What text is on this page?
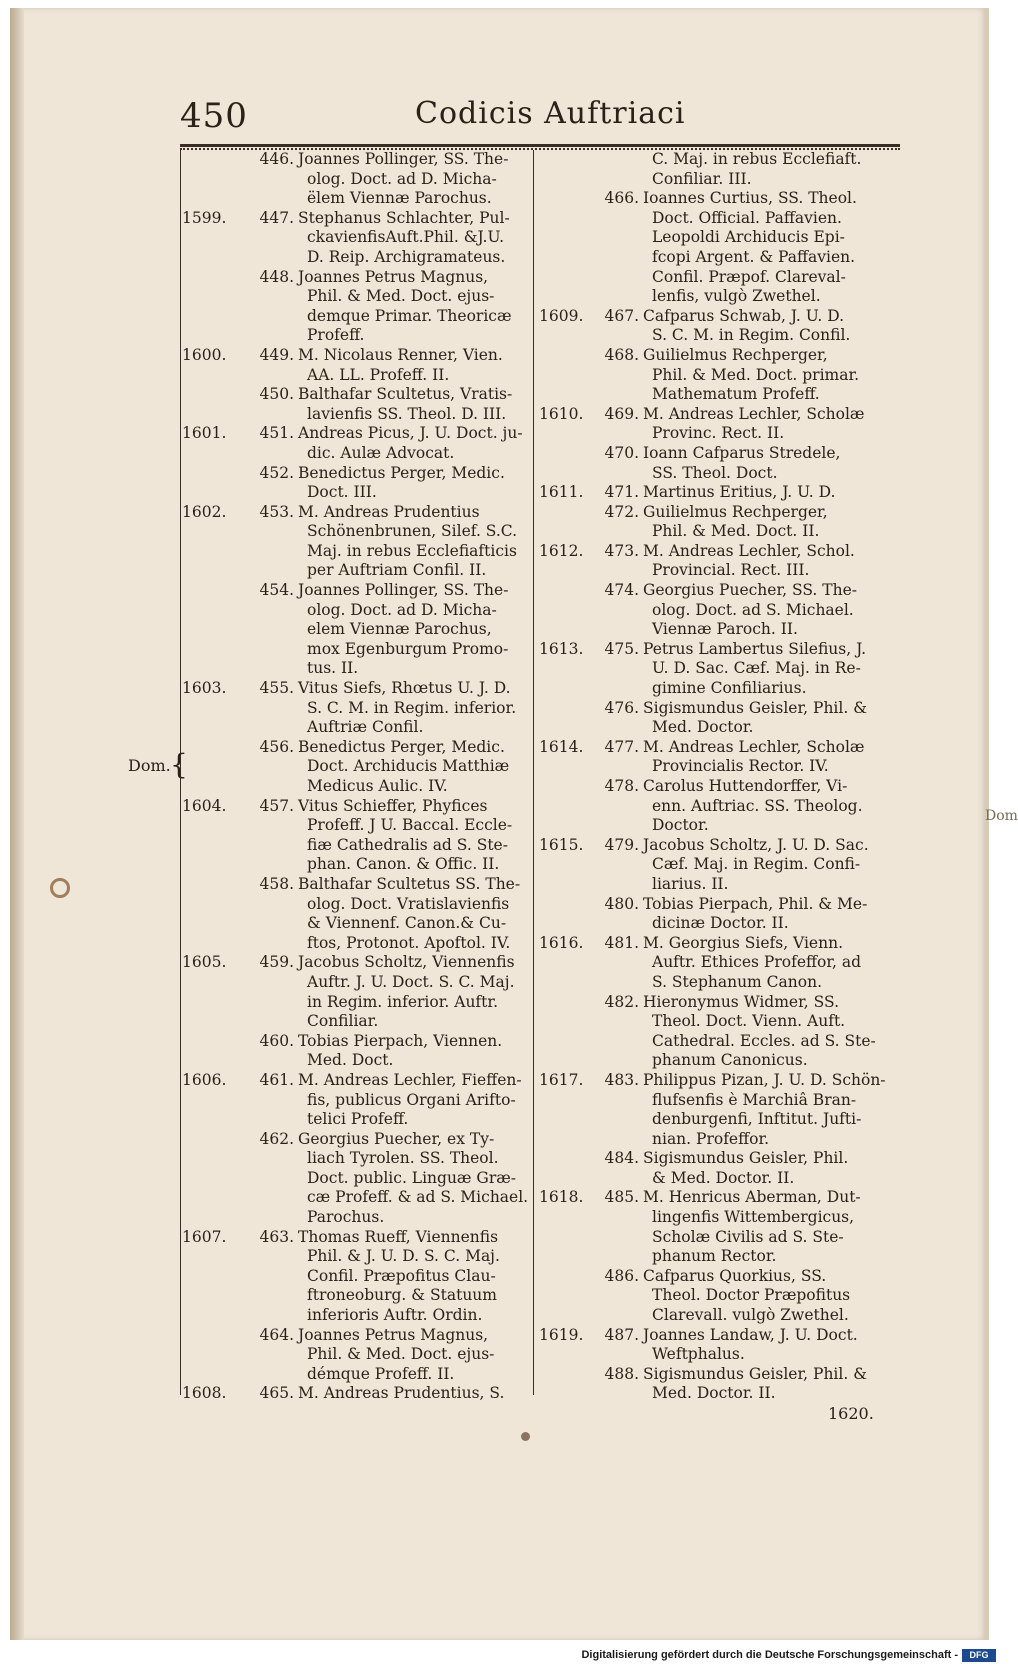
450	Codicis Auftriaci
446. Joannes Pollinger, SS. The-
olog. Doct. ad D. Micha-
ëlem Viennæ Parochus.
1599.	447. Stephanus Schlachter, Pul-
ckavienfisAuft.Phil. &J.U.
D. Reip. Archigramateus.
448. Joannes Petrus Magnus,
Phil. & Med. Doct. ejus-
demque Primar. Theoricæ
Profeff.
1600.	449. M. Nicolaus Renner, Vien.
AA. LL. Profeff. II.
450. Balthafar Scultetus, Vratis-
lavienfis SS. Theol. D. III.
1601.	451. Andreas Picus, J. U. Doct. ju-
dic. Aulæ Advocat.
452. Benedictus Perger, Medic.
Doct. III.
1602.	453. M. Andreas Prudentius
Schönenbrunen, Silef. S.C.
Maj. in rebus Ecclefiafticis
per Auftriam Confil. II.
454. Joannes Pollinger, SS. The-
olog. Doct. ad D. Micha-
elem Viennæ Parochus,
mox Egenburgum Promo-
tus. II.
1603.	455. Vitus Siefs, Rhœtus U. J. D.
S. C. M. in Regim. inferior.
Auftriæ Confil.
456. Benedictus Perger, Medic.
Doct. Archiducis Matthiæ
Medicus Aulic. IV.
1604.	457. Vitus Schieffer, Phyfices
Profeff. J U. Baccal. Eccle-
fiæ Cathedralis ad S. Ste-
phan. Canon. & Offic. II.
458. Balthafar Scultetus SS. The-
olog. Doct. Vratislavienfis
& Viennenf. Canon.& Cu-
ftos, Protonot. Apoftol. IV.
1605.	459. Jacobus Scholtz, Viennenfis
Auftr. J. U. Doct. S. C. Maj.
in Regim. inferior. Auftr.
Confiliar.
460. Tobias Pierpach, Viennen.
Med. Doct.
1606.	461. M. Andreas Lechler, Fieffen-
fis, publicus Organi Arifto-
telici Profeff.
462. Georgius Puecher, ex Ty-
liach Tyrolen. SS. Theol.
Doct. public. Linguæ Græ-
cæ Profeff. & ad S. Michael.
Parochus.
1607.	463. Thomas Rueff, Viennenfis
Phil. & J. U. D. S. C. Maj.
Confil. Præpofitus Clau-
ftroneoburg. & Statuum
inferioris Auftr. Ordin.
464. Joannes Petrus Magnus,
Phil. & Med. Doct. ejus-
démque Profeff. II.
1608.	465. M. Andreas Prudentius, S.
C. Maj. in rebus Ecclefiaft.
Confiliar. III.
466. Ioannes Curtius, SS. Theol.
Doct. Official. Paffavien.
Leopoldi Archiducis Epi-
fcopi Argent. & Paffavien.
Confil. Præpof. Clareval-
lenfis, vulgò Zwethel.
1609.	467. Cafparus Schwab, J. U. D.
S. C. M. in Regim. Confil.
468. Guilielmus Rechperger,
Phil. & Med. Doct. primar.
Mathematum Profeff.
1610.	469. M. Andreas Lechler, Scholæ
Provinc. Rect. II.
470. Ioann Cafparus Stredele,
SS. Theol. Doct.
1611.	471. Martinus Eritius, J. U. D.
472. Guilielmus Rechperger,
Phil. & Med. Doct. II.
1612.	473. M. Andreas Lechler, Schol.
Provincial. Rect. III.
474. Georgius Puecher, SS. The-
olog. Doct. ad S. Michael.
Viennæ Paroch. II.
1613.	475. Petrus Lambertus Silefius, J.
U. D. Sac. Cæf. Maj. in Re-
gimine Confiliarius.
476. Sigismundus Geisler, Phil. &
Med. Doctor.
1614.	477. M. Andreas Lechler, Scholæ
Provincialis Rector. IV.
478. Carolus Huttendorffer, Vi-
enn. Auftriac. SS. Theolog.
Doctor.
1615.	479. Jacobus Scholtz, J. U. D. Sac.
Cæf. Maj. in Regim. Confi-
liarius. II.
480. Tobias Pierpach, Phil. & Me-
dicinæ Doctor. II.
1616.	481. M. Georgius Siefs, Vienn.
Auftr. Ethices Profeffor, ad
S. Stephanum Canon.
482. Hieronymus Widmer, SS.
Theol. Doct. Vienn. Auft.
Cathedral. Eccles. ad S. Ste-
phanum Canonicus.
1617.	483. Philippus Pizan, J. U. D. Schön-
flufsenfis è Marchiâ Bran-
denburgenfi, Inftitut. Jufti-
nian. Profeffor.
484. Sigismundus Geisler, Phil.
& Med. Doctor. II.
1618.	485. M. Henricus Aberman, Dut-
lingenfis Wittembergicus,
Scholæ Civilis ad S. Ste-
phanum Rector.
486. Cafparus Quorkius, SS.
Theol. Doctor Præpofitus
Clarevall. vulgò Zwethel.
1619.	487. Joannes Landaw, J. U. Doct.
Weftphalus.
488. Sigismundus Geisler, Phil. &
Med. Doctor. II.
Dom. {
Dom
1620.
Digitalisierung gefördert durch die Deutsche Forschungsgemeinschaft -	DFG
